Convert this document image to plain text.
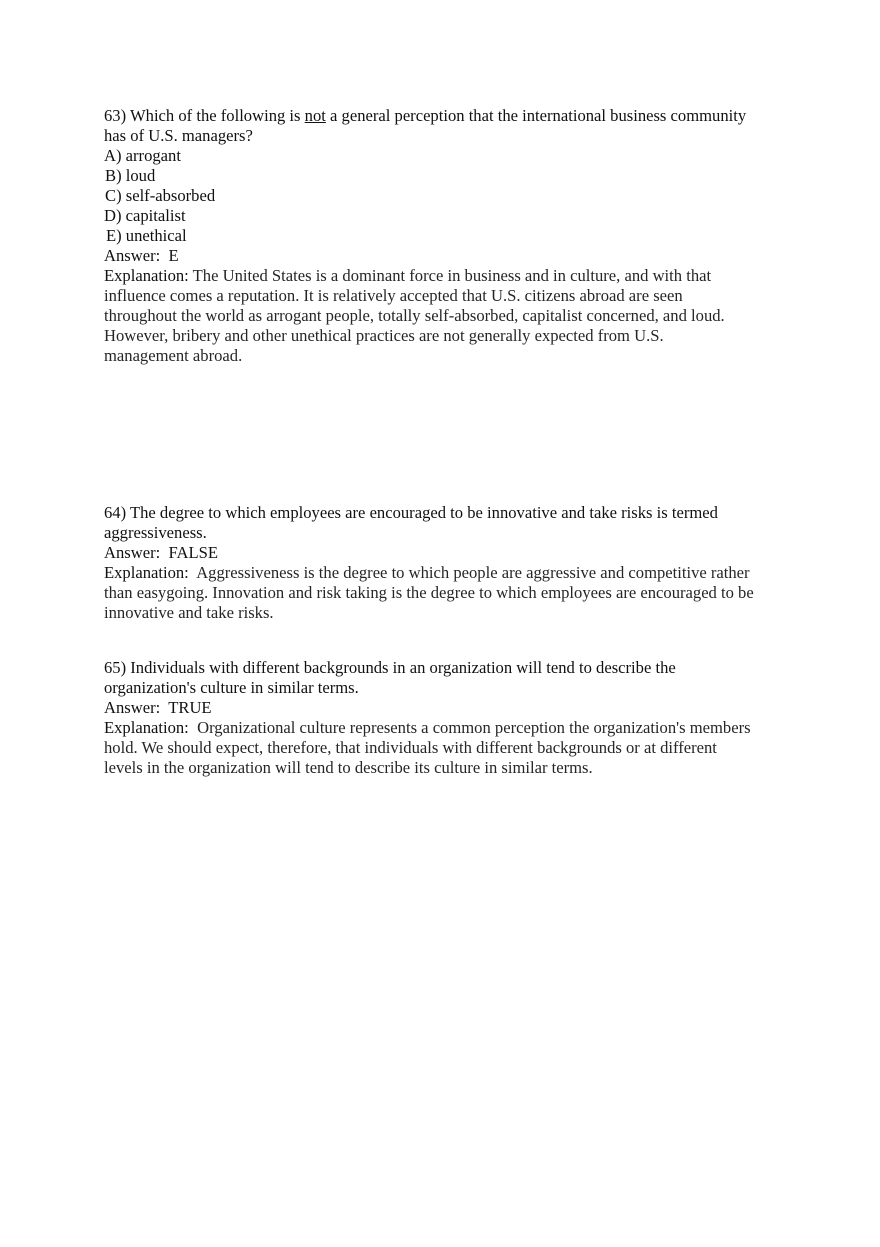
63) Which of the following is not a general perception that the international business community
has of U.S. managers?
A) arrogant
B) loud
C) self-absorbed
D) capitalist
E) unethical
Answer: E
Explanation: The United States is a dominant force in business and in culture, and with that
influence comes a reputation. It is relatively accepted that U.S. citizens abroad are seen
throughout the world as arrogant people, totally self-absorbed, capitalist concerned, and loud.
However, bribery and other unethical practices are not generally expected from U.S.
management abroad.
64) The degree to which employees are encouraged to be innovative and take risks is termed
aggressiveness.
Answer: FALSE
Explanation: Aggressiveness is the degree to which people are aggressive and competitive rather
than easygoing. Innovation and risk taking is the degree to which employees are encouraged to be
innovative and take risks.
65) Individuals with different backgrounds in an organization will tend to describe the
organization's culture in similar terms.
Answer: TRUE
Explanation: Organizational culture represents a common perception the organization's members
hold. We should expect, therefore, that individuals with different backgrounds or at different
levels in the organization will tend to describe its culture in similar terms.
